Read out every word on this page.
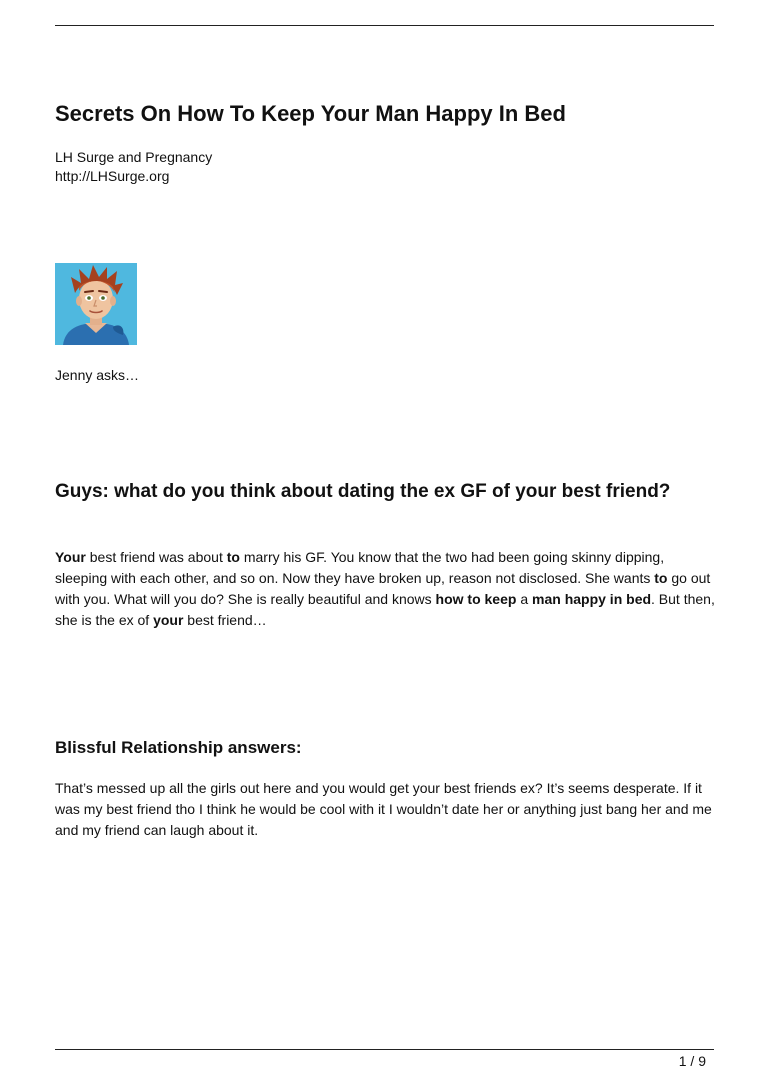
Secrets On How To Keep Your Man Happy In Bed
LH Surge and Pregnancy
http://LHSurge.org
Jenny asks…
Guys: what do you think about dating the ex GF of your best friend?

Your best friend was about to marry his GF. You know that the two had been going skinny dipping, sleeping with each other, and so on. Now they have broken up, reason not disclosed. She wants to go out with you. What will you do? She is really beautiful and knows how to keep a man happy in bed. But then, she is the ex of your best friend…

Blissful Relationship answers:

That’s messed up all the girls out here and you would get your best friends ex? It’s seems desperate. If it was my best friend tho I think he would be cool with it I wouldn’t date her or anything just bang her and me and my friend can laugh about it.

1 / 9
